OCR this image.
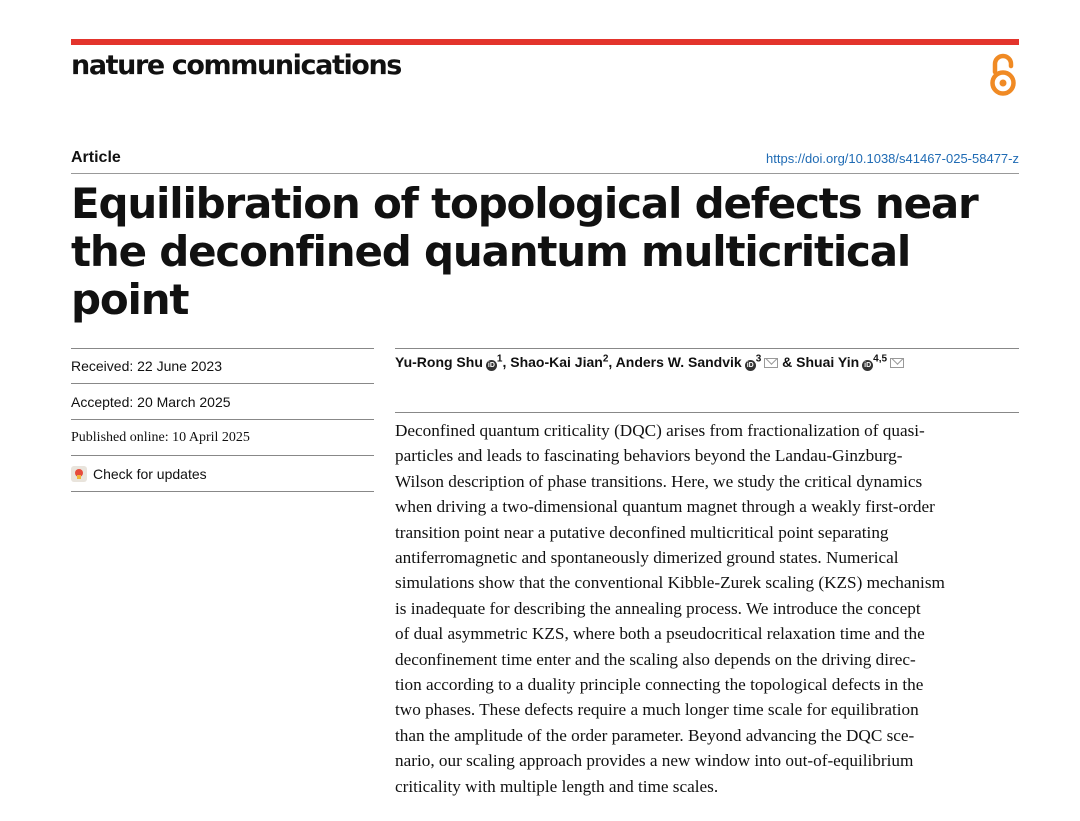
nature communications
Article	https://doi.org/10.1038/s41467-025-58477-z
Equilibration of topological defects near the deconfined quantum multicritical point
Received: 22 June 2023
Accepted: 20 March 2025
Published online: 10 April 2025
Check for updates
Yu-Rong Shu $iD^1$, Shao-Kai Jian$^2$, Anders W. Sandvik $iD^3$ & Shuai Yin iD$^{4,5}$

Deconfined quantum criticality (DQC) arises from fractionalization of quasi-
particles and leads to fascinating behaviors beyond the Landau-Ginzburg-
Wilson description of phase transitions. Here, we study the critical dynamics
when driving a two-dimensional quantum magnet through a weakly first-order
transition point near a putative deconfined multicritical point separating
antiferromagnetic and spontaneously dimerized ground states. Numerical
simulations show that the conventional Kibble-Zurek scaling (KZS) mechanism
is inadequate for describing the annealing process. We introduce the concept
of dual asymmetric KZS, where both a pseudocritical relaxation time and the
deconfinement time enter and the scaling also depends on the driving direc-
tion according to a duality principle connecting the topological defects in the
two phases. These defects require a much longer time scale for equilibration
than the amplitude of the order parameter. Beyond advancing the DQC sce-
nario, our scaling approach provides a new window into out-of-equilibrium
criticality with multiple length and time scales.
